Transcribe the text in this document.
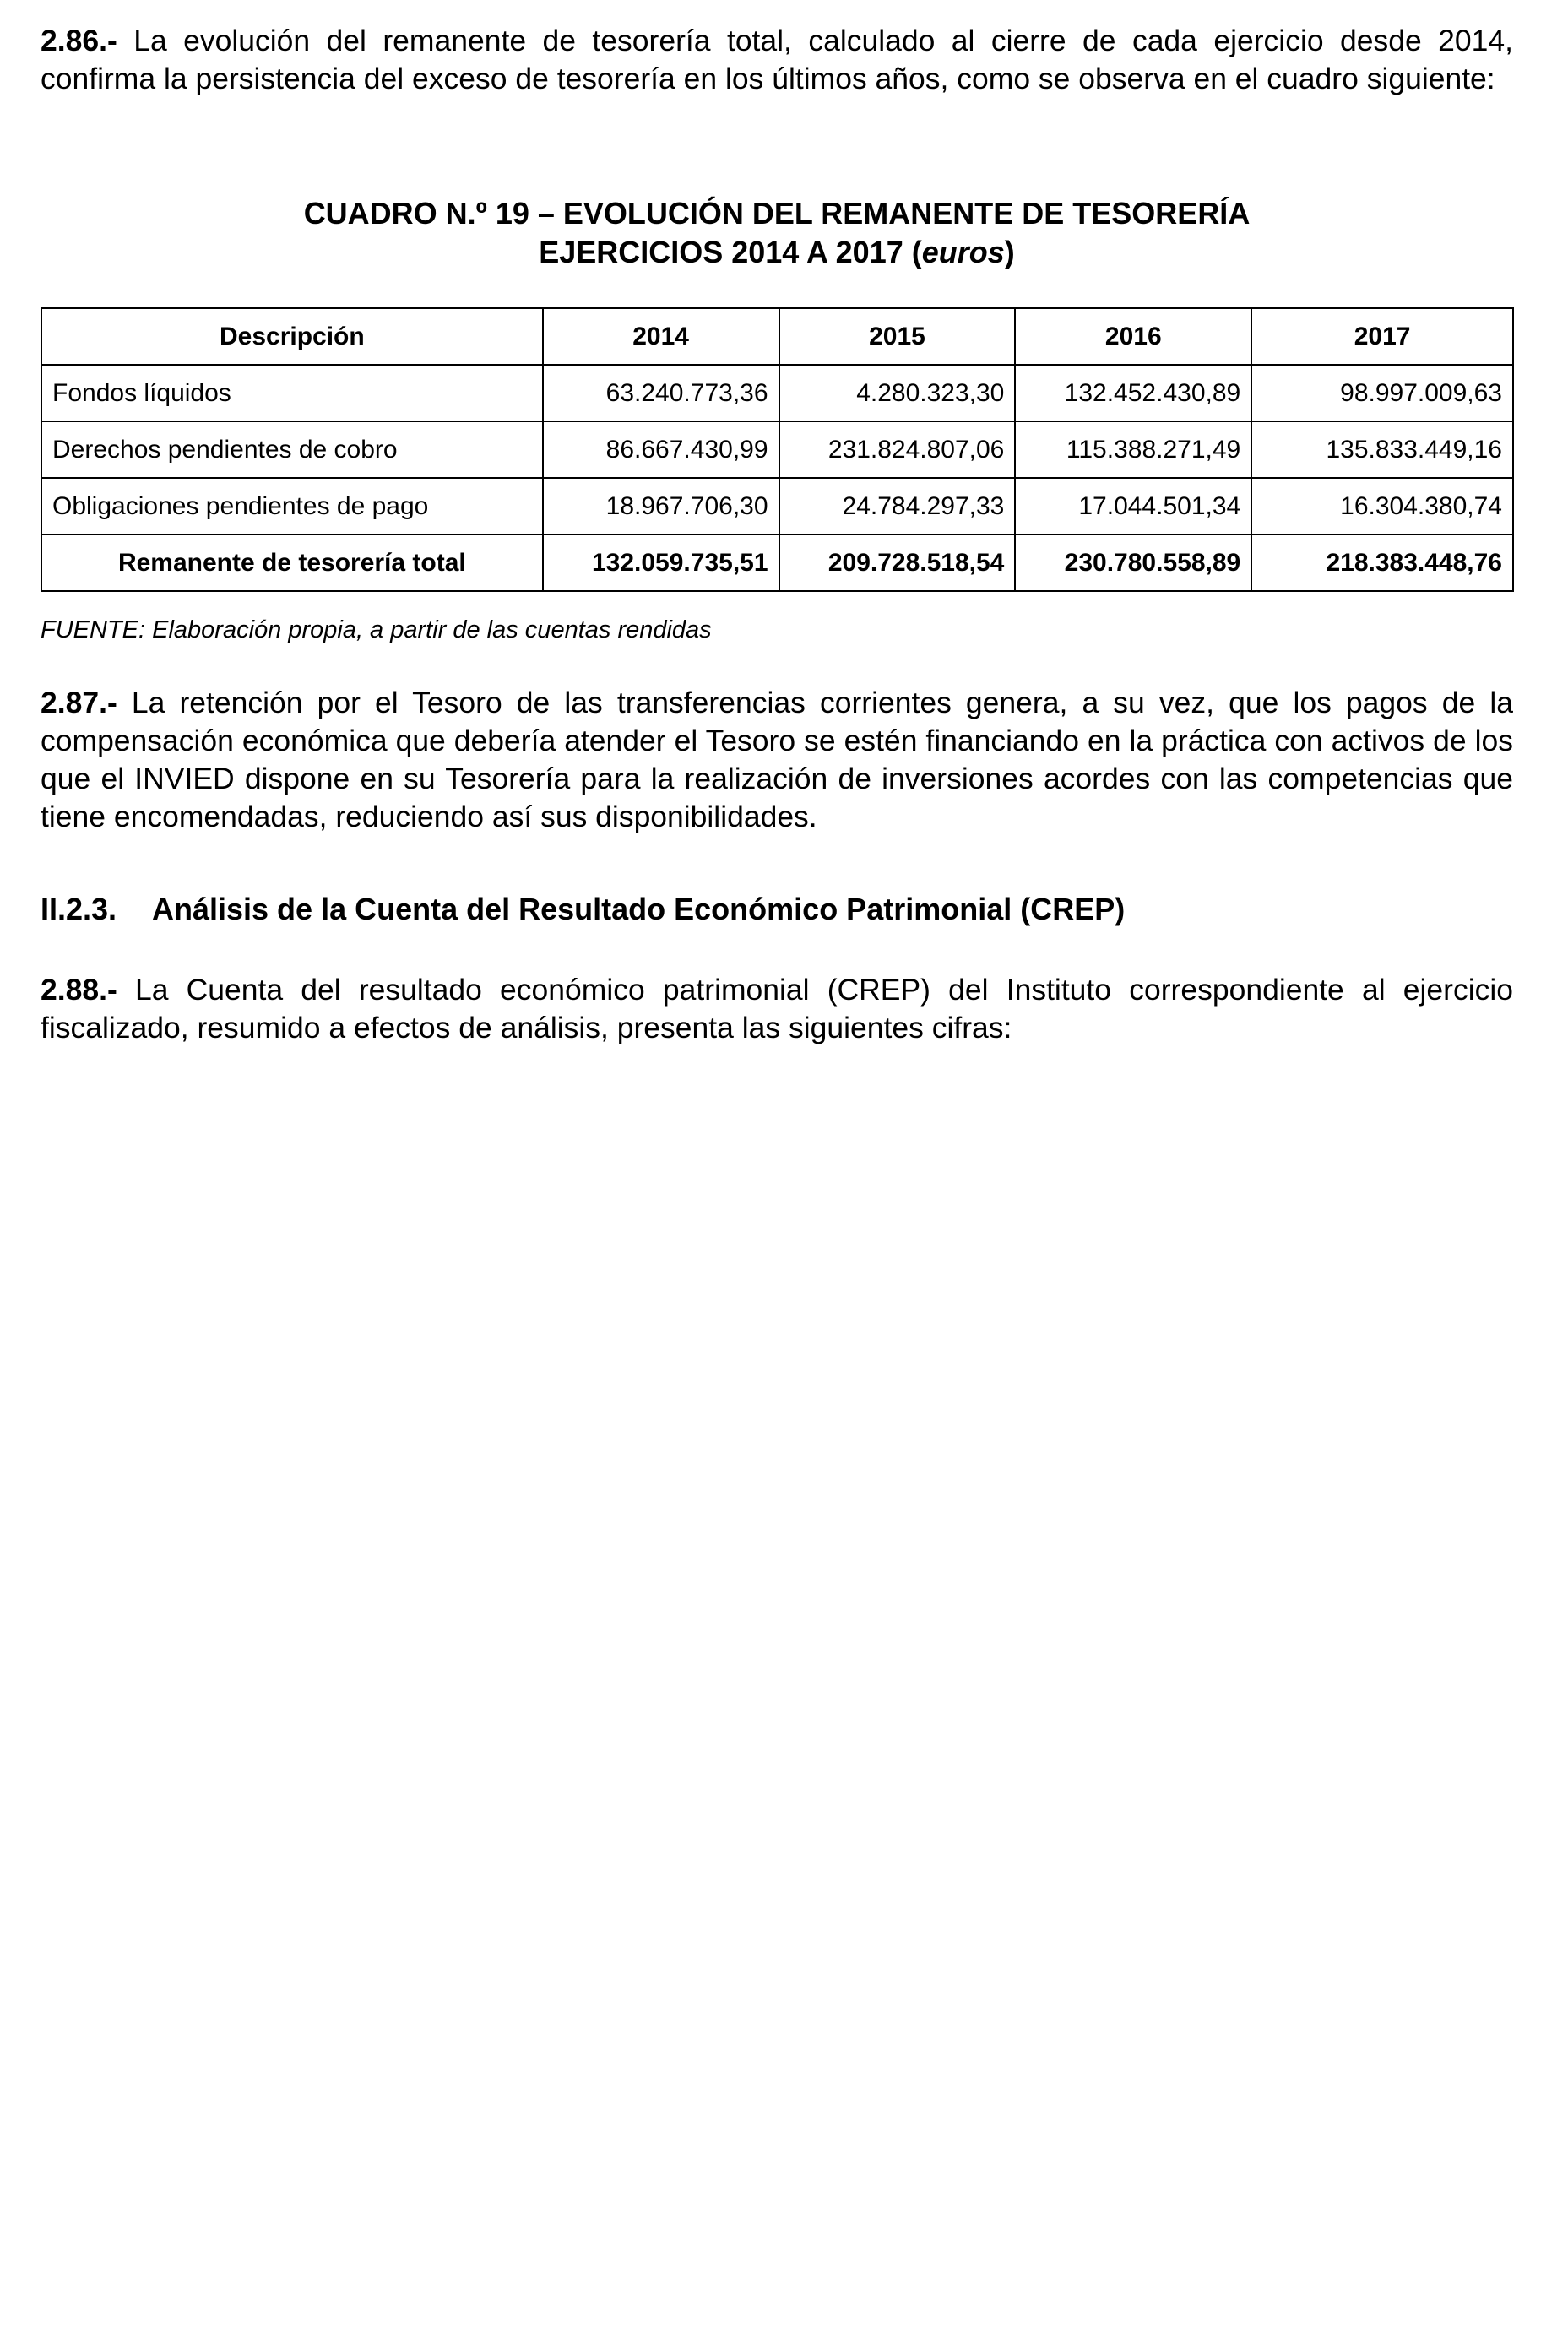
2.86.- La evolución del remanente de tesorería total, calculado al cierre de cada ejercicio desde 2014, confirma la persistencia del exceso de tesorería en los últimos años, como se observa en el cuadro siguiente:

CUADRO N.º 19 – EVOLUCIÓN DEL REMANENTE DE TESORERÍA

EJERCICIOS 2014 A 2017 (euros)

Descripción	2014	2015	2016	2017
Fondos líquidos	63.240.773,36	4.280.323,30	132.452.430,89	98.997.009,63
Derechos pendientes de cobro	86.667.430,99	231.824.807,06	115.388.271,49	135.833.449,16
Obligaciones pendientes de pago	18.967.706,30	24.784.297,33	17.044.501,34	16.304.380,74
Remanente de tesorería total	132.059.735,51	209.728.518,54	230.780.558,89	218.383.448,76

FUENTE: Elaboración propia, a partir de las cuentas rendidas

2.87.- La retención por el Tesoro de las transferencias corrientes genera, a su vez, que los pagos de la compensación económica que debería atender el Tesoro se estén financiando en la práctica con activos de los que el INVIED dispone en su Tesorería para la realización de inversiones acordes con las competencias que tiene encomendadas, reduciendo así sus disponibilidades.

II.2.3. Análisis de la Cuenta del Resultado Económico Patrimonial (CREP)

2.88.- La Cuenta del resultado económico patrimonial (CREP) del Instituto correspondiente al ejercicio fiscalizado, resumido a efectos de análisis, presenta las siguientes cifras:
